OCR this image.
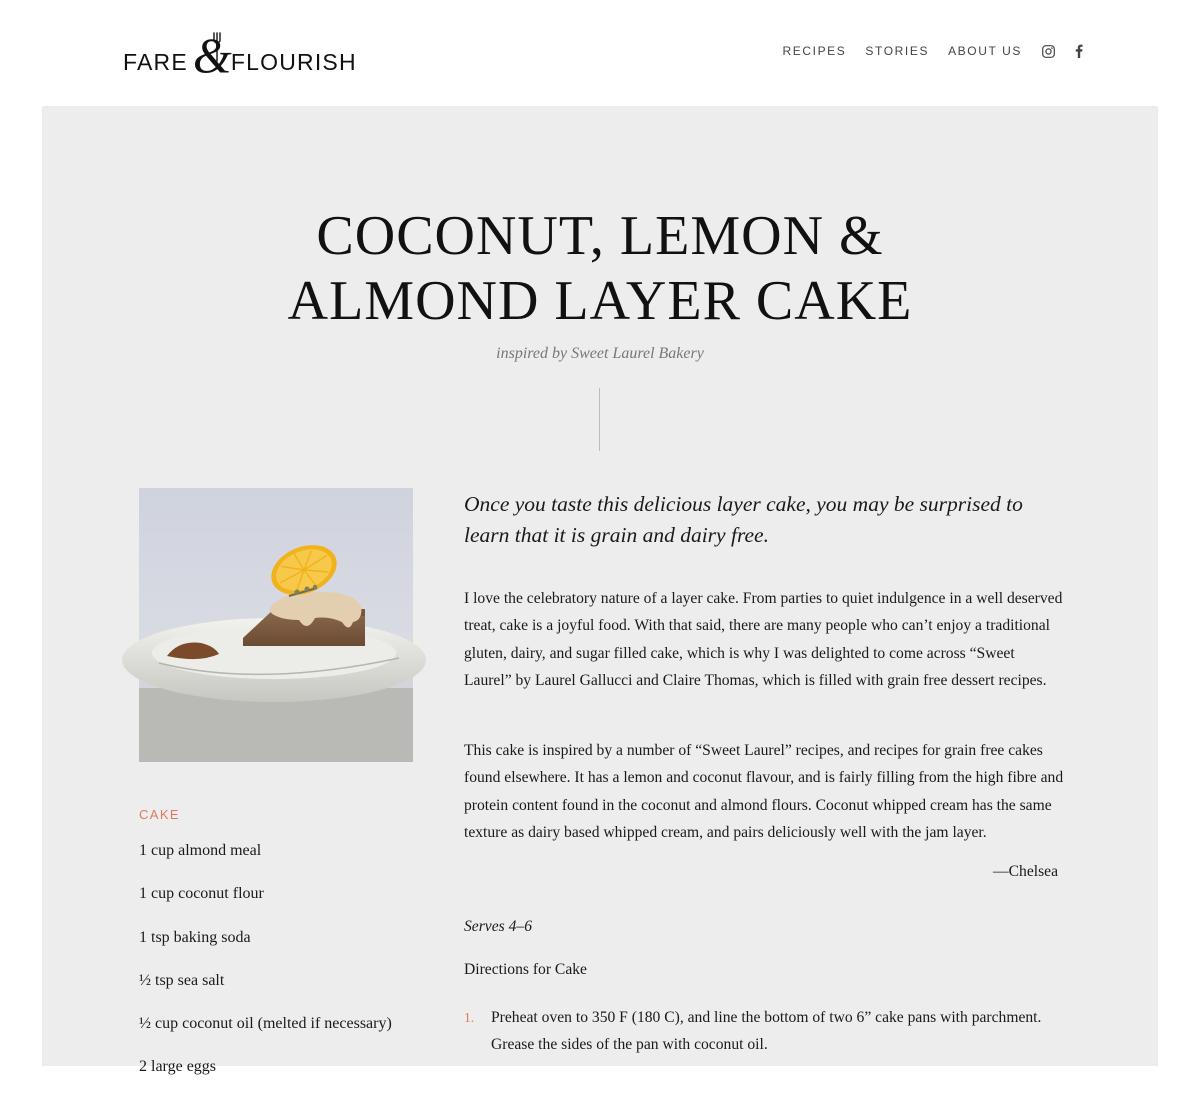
FARE & FLOURISH	RECIPES STORIES ABOUT US
COCONUT, LEMON &
ALMOND LAYER CAKE
inspired by Sweet Laurel Bakery
CAKE
1 cup almond meal
1 cup coconut flour
1 tsp baking soda
½ tsp sea salt
½ cup coconut oil (melted if necessary)
2 large eggs

Once you taste this delicious layer cake, you may be surprised to learn that it is grain and dairy free.

I love the celebratory nature of a layer cake. From parties to quiet indulgence in a well deserved treat, cake is a joyful food. With that said, there are many people who can’t enjoy a traditional gluten, dairy, and sugar filled cake, which is why I was delighted to come across “Sweet Laurel” by Laurel Gallucci and Claire Thomas, which is filled with grain free dessert recipes.

This cake is inspired by a number of “Sweet Laurel” recipes, and recipes for grain free cakes found elsewhere. It has a lemon and coconut flavour, and is fairly filling from the high fibre and protein content found in the coconut and almond flours. Coconut whipped cream has the same texture as dairy based whipped cream, and pairs deliciously well with the jam layer.

—Chelsea
Serves 4–6
Directions for Cake
1. Preheat oven to 350 F (180 C), and line the bottom of two 6” cake pans with parchment. Grease the sides of the pan with coconut oil.
